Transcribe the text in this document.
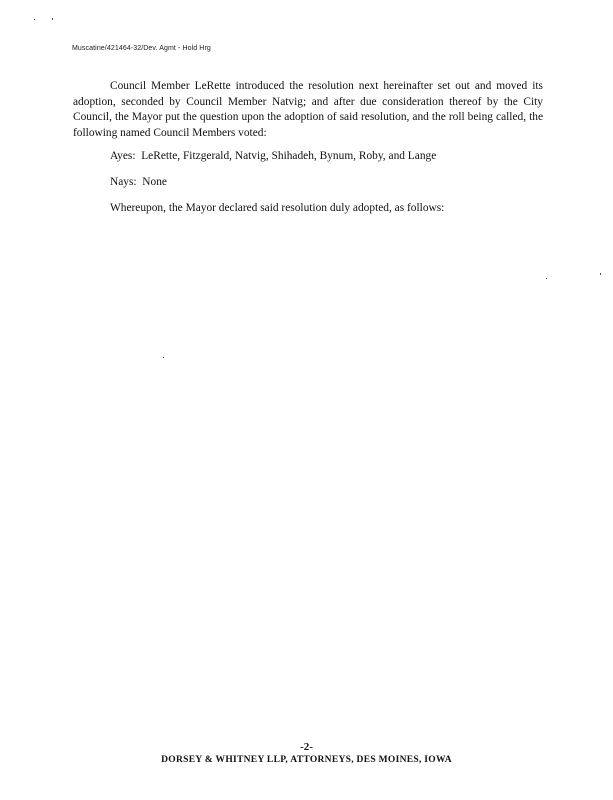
Muscatine/421464-32/Dev. Agmt - Hold Hrg

Council Member LeRette introduced the resolution next hereinafter set out and moved its adoption, seconded by Council Member Natvig; and after due consideration thereof by the City Council, the Mayor put the question upon the adoption of said resolution, and the roll being called, the following named Council Members voted:

Ayes:  LeRette, Fitzgerald, Natvig, Shihadeh, Bynum, Roby, and Lange

Nays:  None

Whereupon, the Mayor declared said resolution duly adopted, as follows:

-2-
DORSEY & WHITNEY LLP, ATTORNEYS, DES MOINES, IOWA
